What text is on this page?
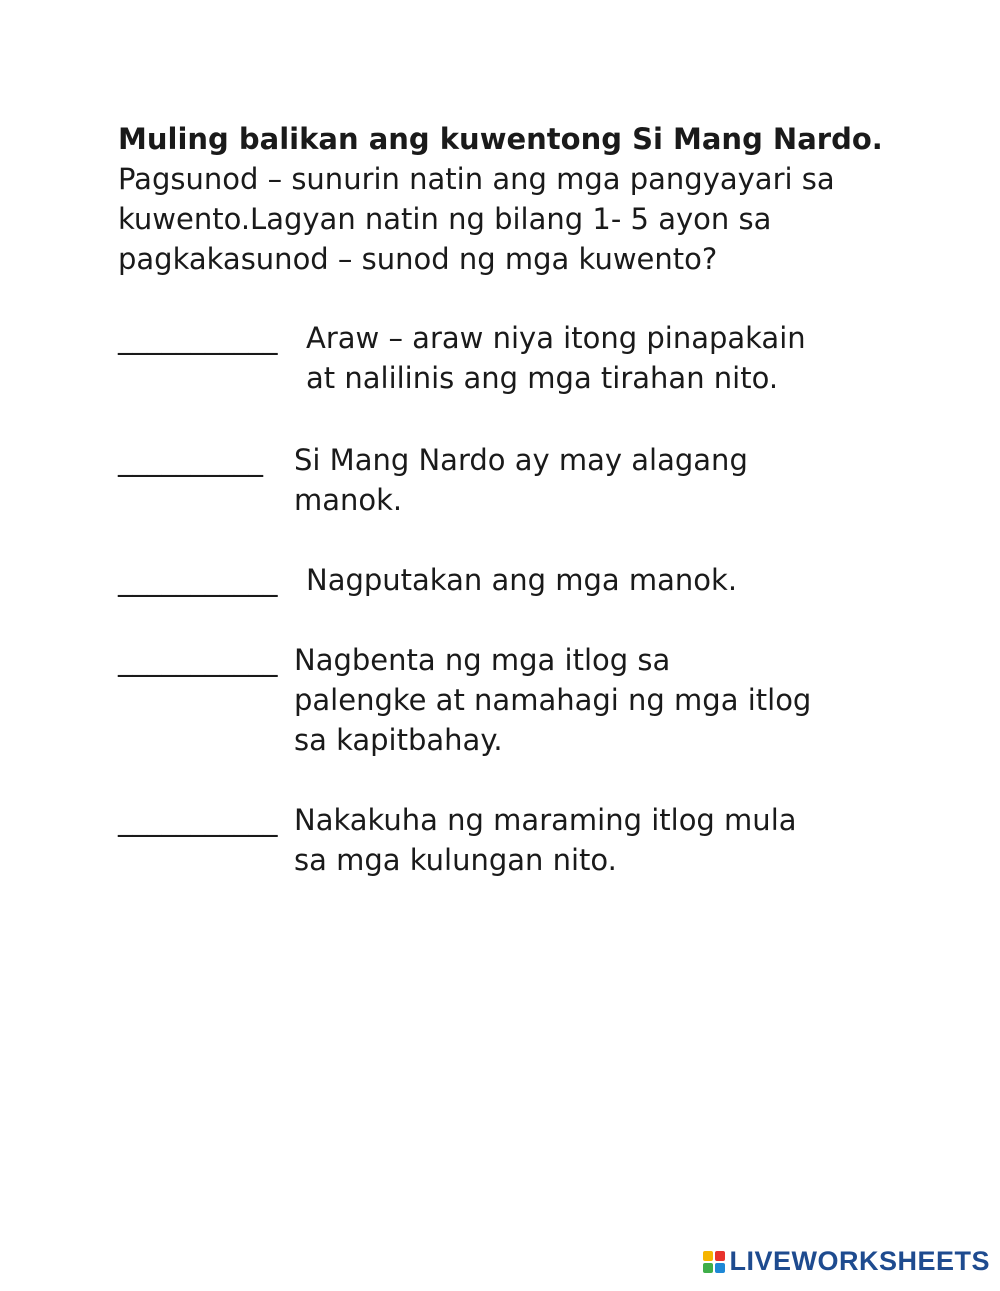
Muling balikan ang kuwentong Si Mang Nardo.
Pagsunod – sunurin natin ang mga pangyayari sa kuwento.Lagyan natin ng bilang 1- 5 ayon sa pagkakasunod – sunod ng mga kuwento?
___________ Araw – araw niya itong pinapakain
at nalilinis ang mga tirahan nito.
__________ Si Mang Nardo ay may alagang
manok.
___________ Nagputakan ang mga manok.
___________ Nagbenta ng mga itlog sa
palengke at namahagi ng mga itlog
sa kapitbahay.
___________ Nakakuha ng maraming itlog mula
sa mga kulungan nito.
LIVEWORKSHEETS
